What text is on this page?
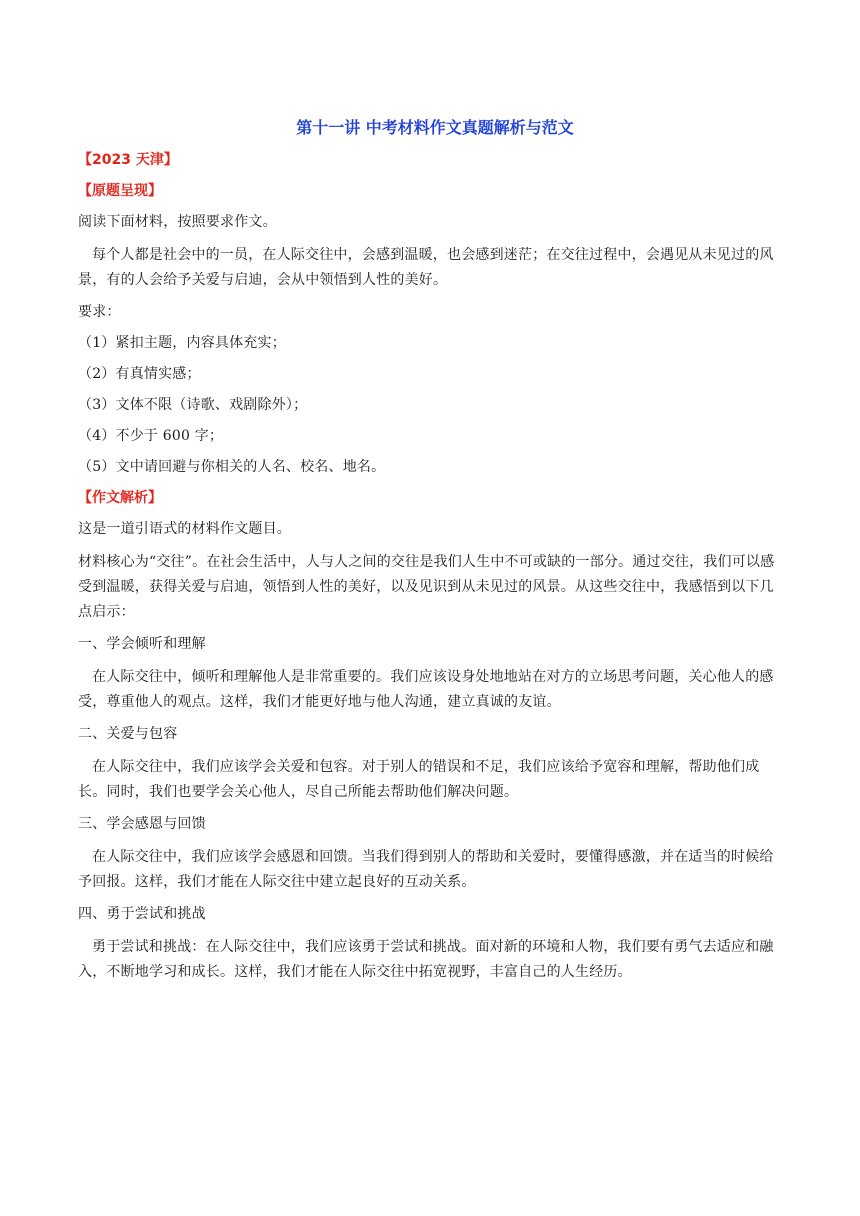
第十一讲 中考材料作文真题解析与范文
【2023 天津】
【原题呈现】
阅读下面材料，按照要求作文。
每个人都是社会中的一员，在人际交往中，会感到温暖，也会感到迷茫；在交往过程中，会遇见从未见过的风景，有的人会给予关爱与启迪，会从中领悟到人性的美好。
要求：
（1）紧扣主题，内容具体充实；
（2）有真情实感；
（3）文体不限（诗歌、戏剧除外）；
（4）不少于 600 字；
（5）文中请回避与你相关的人名、校名、地名。
【作文解析】
这是一道引语式的材料作文题目。
材料核心为“交往”。在社会生活中，人与人之间的交往是我们人生中不可或缺的一部分。通过交往，我们可以感受到温暖，获得关爱与启迪，领悟到人性的美好，以及见识到从未见过的风景。从这些交往中，我感悟到以下几点启示：
一、学会倾听和理解
在人际交往中，倾听和理解他人是非常重要的。我们应该设身处地地站在对方的立场思考问题，关心他人的感受，尊重他人的观点。这样，我们才能更好地与他人沟通，建立真诚的友谊。
二、关爱与包容
在人际交往中，我们应该学会关爱和包容。对于别人的错误和不足，我们应该给予宽容和理解，帮助他们成长。同时，我们也要学会关心他人，尽自己所能去帮助他们解决问题。
三、学会感恩与回馈
在人际交往中，我们应该学会感恩和回馈。当我们得到别人的帮助和关爱时，要懂得感激，并在适当的时候给予回报。这样，我们才能在人际交往中建立起良好的互动关系。
四、勇于尝试和挑战
勇于尝试和挑战：在人际交往中，我们应该勇于尝试和挑战。面对新的环境和人物，我们要有勇气去适应和融入，不断地学习和成长。这样，我们才能在人际交往中拓宽视野，丰富自己的人生经历。
